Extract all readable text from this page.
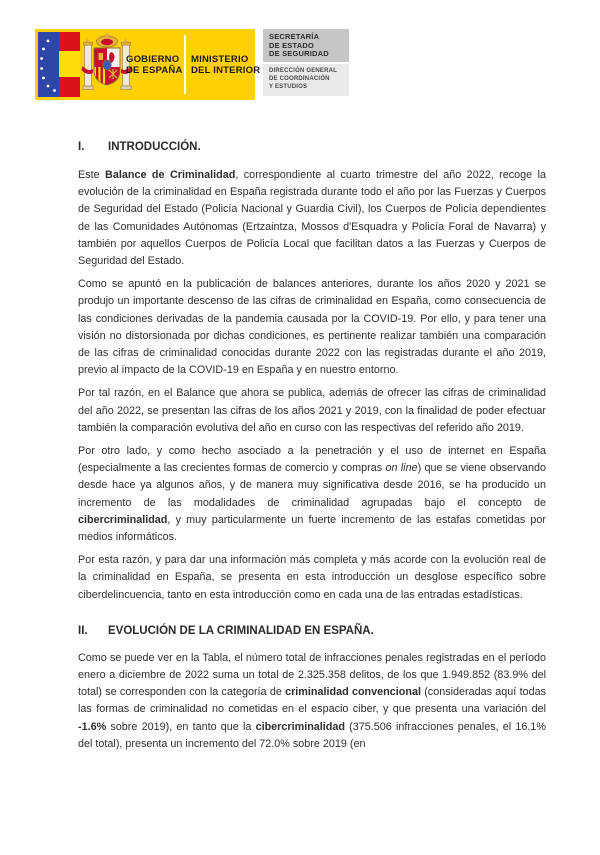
GOBIERNO
DE ESPAÑA
MINISTERIO
DEL INTERIOR
SECRETARÍA
DE ESTADO
DE SEGURIDAD
DIRECCIÓN GENERAL
DE COORDINACIÓN
Y ESTUDIOS
I.	INTRODUCCIÓN.

Este Balance de Criminalidad, correspondiente al cuarto trimestre del año 2022, recoge la evolución de la criminalidad en España registrada durante todo el año por las Fuerzas y Cuerpos de Seguridad del Estado (Policía Nacional y Guardia Civil), los Cuerpos de Policía dependientes de las Comunidades Autónomas (Ertzaintza, Mossos d'Esquadra y Policía Foral de Navarra) y también por aquellos Cuerpos de Policía Local que facilitan datos a las Fuerzas y Cuerpos de Seguridad del Estado.

Como se apuntó en la publicación de balances anteriores, durante los años 2020 y 2021 se produjo un importante descenso de las cifras de criminalidad en España, como consecuencia de las condiciones derivadas de la pandemia causada por la COVID-19. Por ello, y para tener una visión no distorsionada por dichas condiciones, es pertinente realizar también una comparación de las cifras de criminalidad conocidas durante 2022 con las registradas durante el año 2019, previo al impacto de la COVID-19 en España y en nuestro entorno.

Por tal razón, en el Balance que ahora se publica, además de ofrecer las cifras de criminalidad del año 2022, se presentan las cifras de los años 2021 y 2019, con la finalidad de poder efectuar también la comparación evolutiva del año en curso con las respectivas del referido año 2019.

Por otro lado, y como hecho asociado a la penetración y el uso de internet en España (especialmente a las crecientes formas de comercio y compras on line) que se viene observando desde hace ya algunos años, y de manera muy significativa desde 2016, se ha producido un incremento de las modalidades de criminalidad agrupadas bajo el concepto de cibercriminalidad, y muy particularmente un fuerte incremento de las estafas cometidas por medios informáticos.

Por esta razón, y para dar una información más completa y más acorde con la evolución real de la criminalidad en España, se presenta en esta introducción un desglose específico sobre ciberdelincuencia, tanto en esta introducción como en cada una de las entradas estadísticas.

II.	EVOLUCIÓN DE LA CRIMINALIDAD EN ESPAÑA.

Como se puede ver en la Tabla, el número total de infracciones penales registradas en el período enero a diciembre de 2022 suma un total de 2.325.358 delitos, de los que 1.949.852 (83.9% del total) se corresponden con la categoría de criminalidad convencional (consideradas aquí todas las formas de criminalidad no cometidas en el espacio ciber, y que presenta una variación del -1.6% sobre 2019), en tanto que la cibercriminalidad (375.506 infracciones penales, el 16.1% del total), presenta un incremento del 72.0% sobre 2019 (en
